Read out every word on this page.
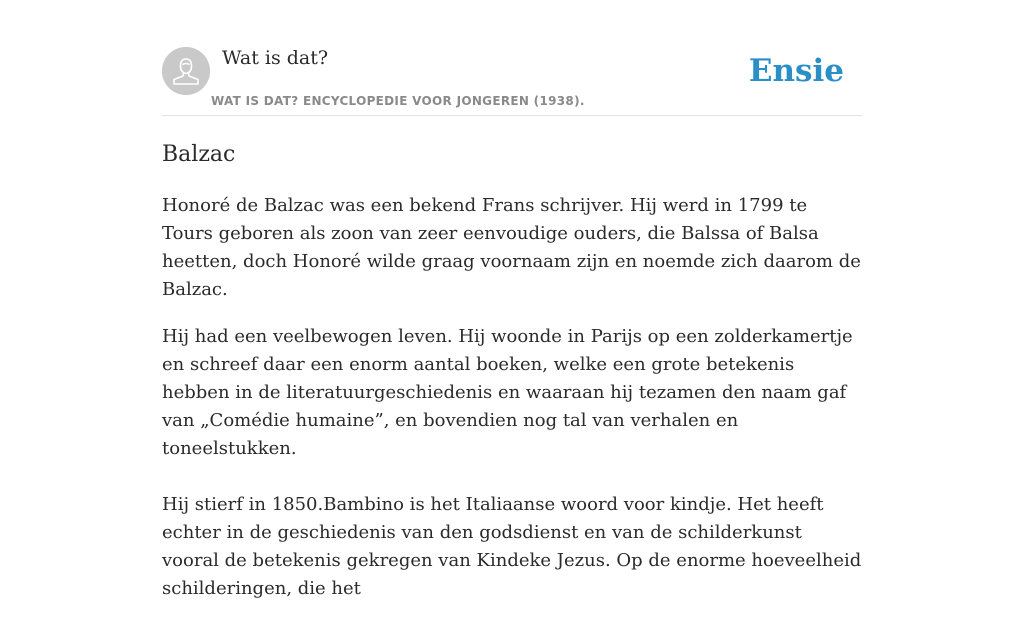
Wat is dat?
WAT IS DAT? ENCYCLOPEDIE VOOR JONGEREN (1938).
Ensie
Balzac

Honoré de Balzac was een bekend Frans schrijver. Hij werd in 1799 te Tours geboren als zoon van zeer eenvoudige ouders, die Balssa of Balsa heetten, doch Honoré wilde graag voornaam zijn en noemde zich daarom de Balzac.

Hij had een veelbewogen leven. Hij woonde in Parijs op een zolderkamertje en schreef daar een enorm aantal boeken, welke een grote betekenis hebben in de literatuurgeschiedenis en waaraan hij tezamen den naam gaf van „Comédie humaine”, en bovendien nog tal van verhalen en toneelstukken.

Hij stierf in 1850.Bambino is het Italiaanse woord voor kindje. Het heeft echter in de geschiedenis van den godsdienst en van de schilderkunst vooral de betekenis gekregen van Kindeke Jezus. Op de enorme hoeveelheid schilderingen, die het
